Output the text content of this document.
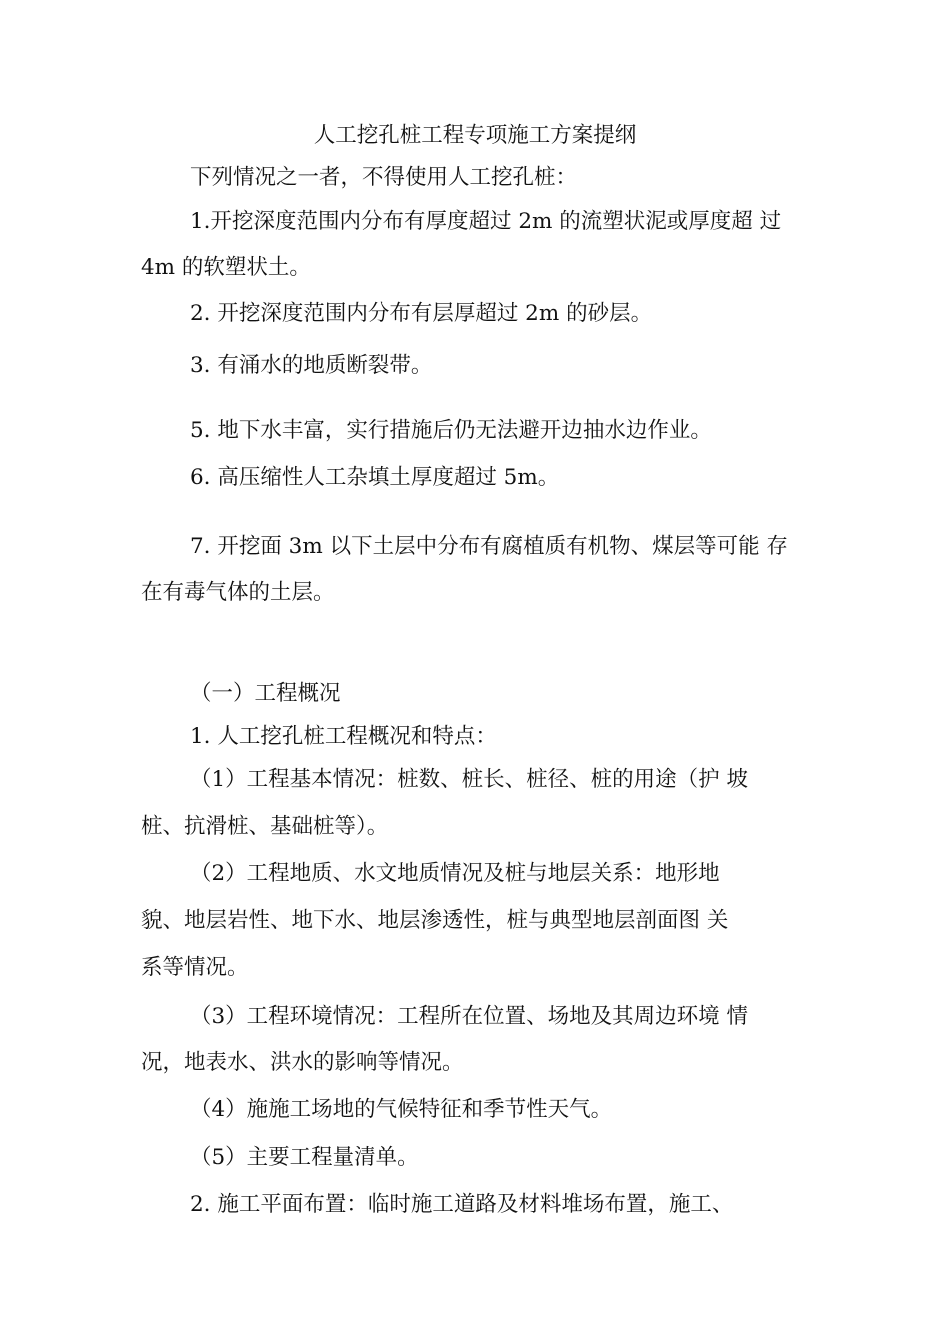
人工挖孔桩工程专项施工方案提纲
下列情况之一者，不得使用人工挖孔桩：
1.开挖深度范围内分布有厚度超过 2m 的流塑状泥或厚度超 过
4m 的软塑状土。
2. 开挖深度范围内分布有层厚超过 2m 的砂层。
3. 有涌水的地质断裂带。
5. 地下水丰富，实行措施后仍无法避开边抽水边作业。
6. 高压缩性人工杂填土厚度超过 5m。
7. 开挖面 3m 以下土层中分布有腐植质有机物、煤层等可能 存
在有毒气体的土层。
（一）工程概况
1. 人工挖孔桩工程概况和特点：
（1）工程基本情况：桩数、桩长、桩径、桩的用途（护 坡
桩、抗滑桩、基础桩等）。
（2）工程地质、水文地质情况及桩与地层关系：地形地
貌、地层岩性、地下水、地层渗透性，桩与典型地层剖面图 关
系等情况。
（3）工程环境情况：工程所在位置、场地及其周边环境 情
况，地表水、洪水的影响等情况。
（4）施施工场地的气候特征和季节性天气。
（5）主要工程量清单。
2. 施工平面布置：临时施工道路及材料堆场布置，施工、
